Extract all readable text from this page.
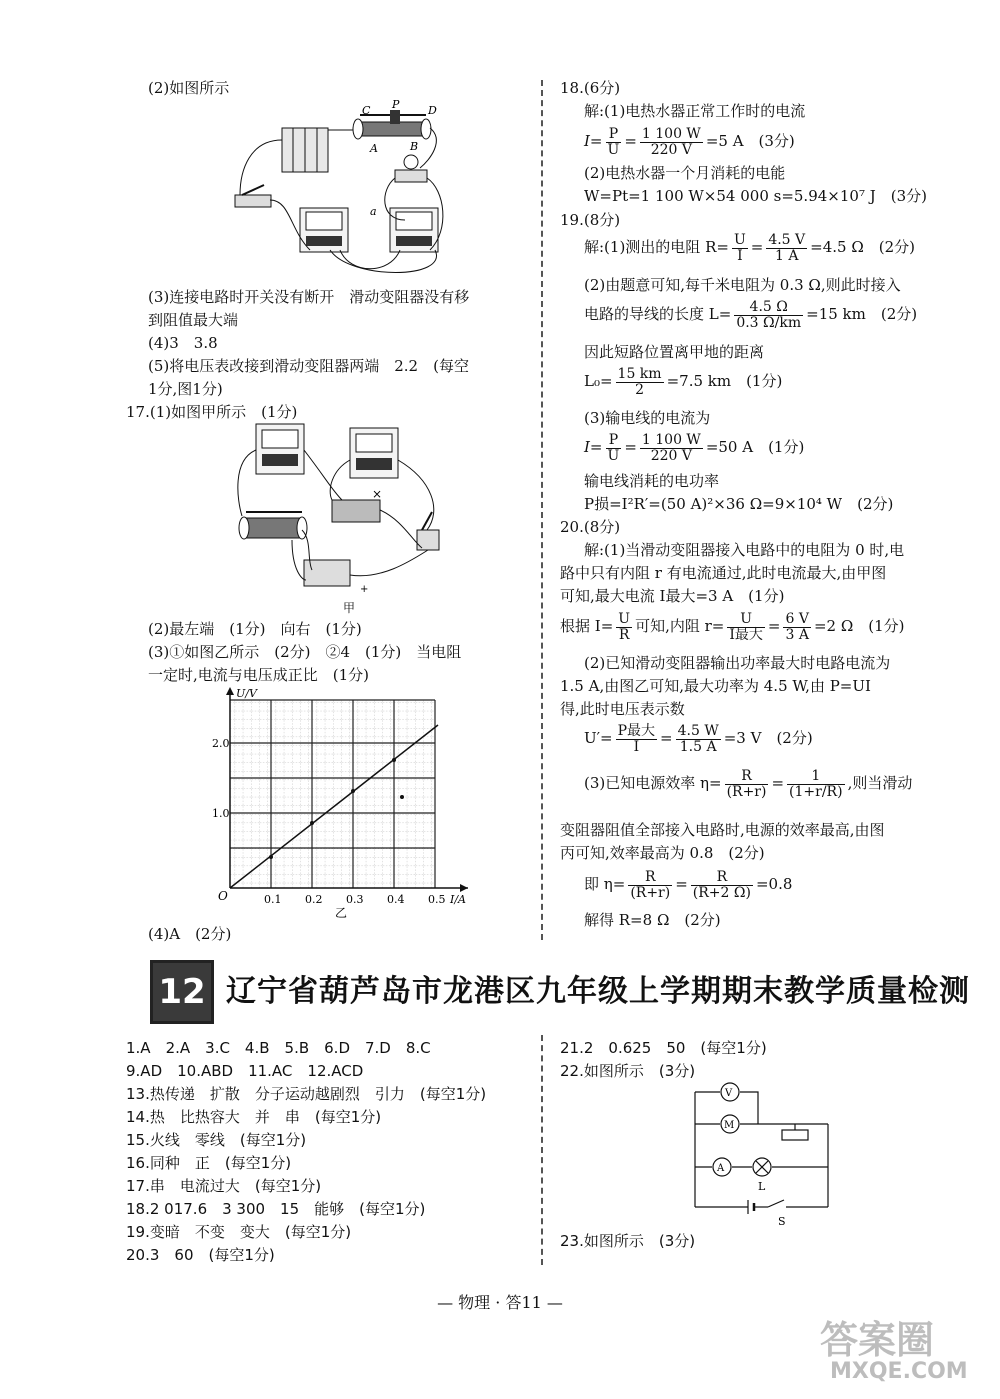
(2)如图所示
C P	D
A	B
a
(3)连接电路时开关没有断开　滑动变阻器没有移
到阻值最大端
(4)3　3.8
(5)将电压表改接到滑动变阻器两端　2.2　(每空
1分,图1分)
17.(1)如图甲所示　(1分)
×
+
甲
(2)最左端　(1分)　向右　(1分)
(3)①如图乙所示　(2分)　②4　(1分)　当电阻
一定时,电流与电压成正比　(1分)
2.0
1.0
0.1 0.2 0.3 0.4 0.5
U/V
I/A
O
乙
(4)A　(2分)
18.(6分)
解:(1)电热水器正常工作时的电流
$I= \frac{P}{U} = \frac{1 100 W}{220 V} =5$ A　(3分)
(2)电热水器一个月消耗的电能
W=Pt=1 100 W×54 000 s=5.94×10⁷ J　(3分)
19.(8分)
解:(1)测出的电阻 $R= \frac{U}{I} = \frac{4.5 V}{1 A} =4.5$ Ω　(2分)
(2)由题意可知,每千米电阻为 0.3 Ω,则此时接入
电路的导线的长度 $L= \frac{4.5 \Omega}{0.3 \Omega/km} =15$ km　(2分)
因此短路位置离甲地的距离
$L_0= \frac{15 km}{2} =7.5$ km　(1分)
(3)输电线的电流为
$I= \frac{P}{U} = \frac{1 100 W}{220 V} =50$ A　(1分)
输电线消耗的电功率
P损=I²R′=(50 A)²×36 Ω=9×10⁴ W　(2分)
20.(8分)
解:(1)当滑动变阻器接入电路中的电阻为 0 时,电
路中只有内阻 r 有电流通过,此时电流最大,由甲图
可知,最大电流 I最大=3 A　(1分)
根据 $I= \frac{U}{R}$ 可知,内阻 $r= \frac{U}{\text{I最大}} = \frac{6 V}{3 A} =2$ Ω　(1分)
(2)已知滑动变阻器输出功率最大时电路电流为
1.5 A,由图乙可知,最大功率为 4.5 W,由 P=UI
得,此时电压表示数
$U'= \frac{\text{P最大}}{I} = \frac{4.5 W}{1.5 A} =3$ V　(2分)
(3)已知电源效率 $\eta= \frac{R}{(R+r)} = \frac{1}{(1+r/R)}$ ,则当滑动
变阻器阻值全部接入电路时,电源的效率最高,由图
丙可知,效率最高为 0.8　(2分)
即 $\eta= \frac{R}{(R+r)} = \frac{R}{(R+2 \Omega)} =0.8$
解得 R=8 Ω　(2分)
12 辽宁省葫芦岛市龙港区九年级上学期期末教学质量检测
1.A　2.A　3.C　4.B　5.B　6.D　7.D　8.C
9.AD　10.ABD　11.AC　12.ACD
13.热传递　扩散　分子运动越剧烈　引力　(每空1分)
14.热　比热容大　并　串　(每空1分)
15.火线　零线　(每空1分)
16.同种　正　(每空1分)
17.串　电流过大　(每空1分)
18.2 017.6　3 300　15　能够　(每空1分)
19.变暗　不变　变大　(每空1分)
20.3　60　(每空1分)
21.2　0.625　50　(每空1分)
22.如图所示　(3分)
V
M
A
L
S
23.如图所示　(3分)
— 物理 · 答11 —
答案圈
MXQE.COM
